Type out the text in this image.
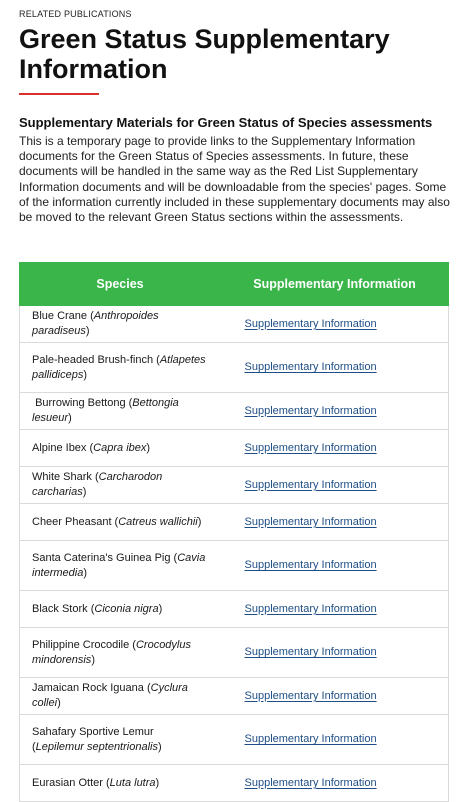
RELATED PUBLICATIONS

Green Status Supplementary Information
Supplementary Materials for Green Status of Species assessments

This is a temporary page to provide links to the Supplementary Information documents for the Green Status of Species assessments. In future, these documents will be handled in the same way as the Red List Supplementary Information documents and will be downloadable from the species' pages. Some of the information currently included in these supplementary documents may also be moved to the relevant Green Status sections within the assessments.

Species	Supplementary Information
Blue Crane (Anthropoides paradiseus)	Supplementary Information
Pale-headed Brush-finch (Atlapetes pallidiceps)	Supplementary Information
Burrowing Bettong (Bettongia lesueur)	Supplementary Information
Alpine Ibex (Capra ibex)	Supplementary Information
White Shark (Carcharodon carcharias)	Supplementary Information
Cheer Pheasant (Catreus wallichii)	Supplementary Information
Santa Caterina's Guinea Pig (Cavia intermedia)	Supplementary Information
Black Stork (Ciconia nigra)	Supplementary Information
Philippine Crocodile (Crocodylus mindorensis)	Supplementary Information
Jamaican Rock Iguana (Cyclura collei)	Supplementary Information
Sahafary Sportive Lemur (Lepilemur septentrionalis)	Supplementary Information
Eurasian Otter (Luta lutra)	Supplementary Information
